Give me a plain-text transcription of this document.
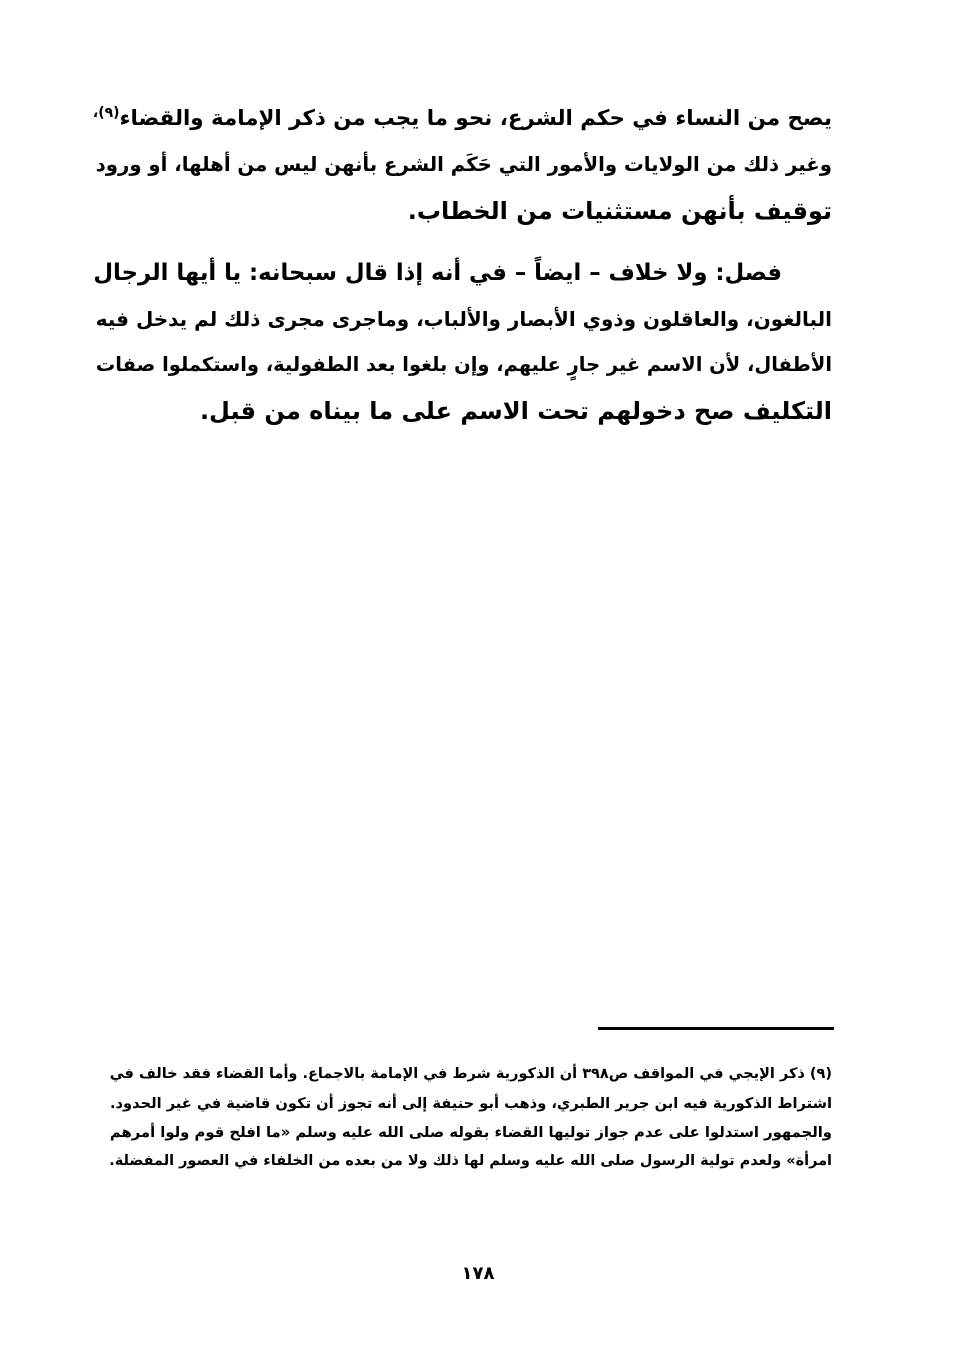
يصح من النساء في حكم الشرع، نحو ما يجب من ذكر الإمامة والقضاء$^{(٩)،}$
وغير ذلك من الولايات والأمور التي حَكَم الشرع بأنهن ليس من أهلها، أو ورود
توقيف بأنهن مستثنيات من الخطاب.
فصل: ولا خلاف – ايضاً – في أنه إذا قال سبحانه: يا أيها الرجال
البالغون، والعاقلون وذوي الأبصار والألباب، وماجرى مجرى ذلك لم يدخل فيه
الأطفال، لأن الاسم غير جارٍ عليهم، وإن بلغوا بعد الطفولية، واستكملوا صفات
التكليف صح دخولهم تحت الاسم على ما بيناه من قبل.
(٩) ذكر الإيجي في المواقف ص٣٩٨ أن الذكورية شرط في الإمامة بالاجماع. وأما القضاء فقد خالف في
اشتراط الذكورية فيه ابن جرير الطبري، وذهب أبو حنيفة إلى أنه تجوز أن تكون قاضية في غير الحدود.
والجمهور استدلوا على عدم جواز توليها القضاء بقوله صلى الله عليه وسلم «ما افلح قوم ولوا أمرهم
امرأة» ولعدم تولية الرسول صلى الله عليه وسلم لها ذلك ولا من بعده من الخلفاء في العصور المفضلة.
١٧٨
